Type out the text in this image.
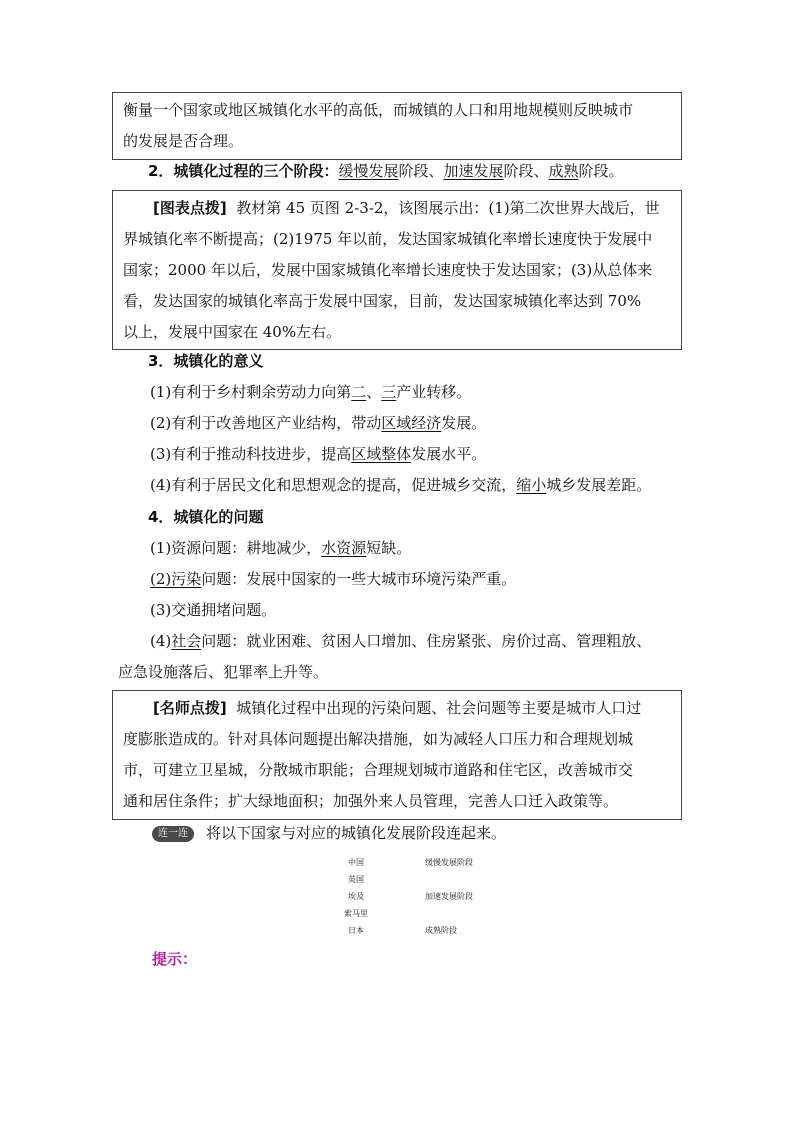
衡量一个国家或地区城镇化水平的高低，而城镇的人口和用地规模则反映城市

的发展是否合理。

2．城镇化过程的三个阶段：缓慢发展阶段、加速发展阶段、成熟阶段。

[图表点拨] 教材第 45 页图 2-3-2，该图展示出：(1)第二次世界大战后，世

界城镇化率不断提高；(2)1975 年以前，发达国家城镇化率增长速度快于发展中

国家；2000 年以后，发展中国家城镇化率增长速度快于发达国家；(3)从总体来

看，发达国家的城镇化率高于发展中国家，目前，发达国家城镇化率达到 70%

以上，发展中国家在 40%左右。

3．城镇化的意义
(1)有利于乡村剩余劳动力向第二、三产业转移。
(2)有利于改善地区产业结构，带动区域经济发展。
(3)有利于推动科技进步，提高区域整体发展水平。
(4)有利于居民文化和思想观念的提高，促进城乡交流，缩小城乡发展差距。
4．城镇化的问题
(1)资源问题：耕地减少，水资源短缺。
(2)污染问题：发展中国家的一些大城市环境污染严重。
(3)交通拥堵问题。
(4)社会问题：就业困难、贫困人口增加、住房紧张、房价过高、管理粗放、
应急设施落后、犯罪率上升等。

[名师点拨] 城镇化过程中出现的污染问题、社会问题等主要是城市人口过

度膨胀造成的。针对具体问题提出解决措施，如为减轻人口压力和合理规划城

市，可建立卫星城，分散城市职能；合理规划城市道路和住宅区，改善城市交

通和居住条件；扩大绿地面积；加强外来人员管理，完善人口迁入政策等。

连一连 将以下国家与对应的城镇化发展阶段连起来。
中国
英国
埃及
索马里
日本
缓慢发展阶段
加速发展阶段
成熟阶段
提示：
